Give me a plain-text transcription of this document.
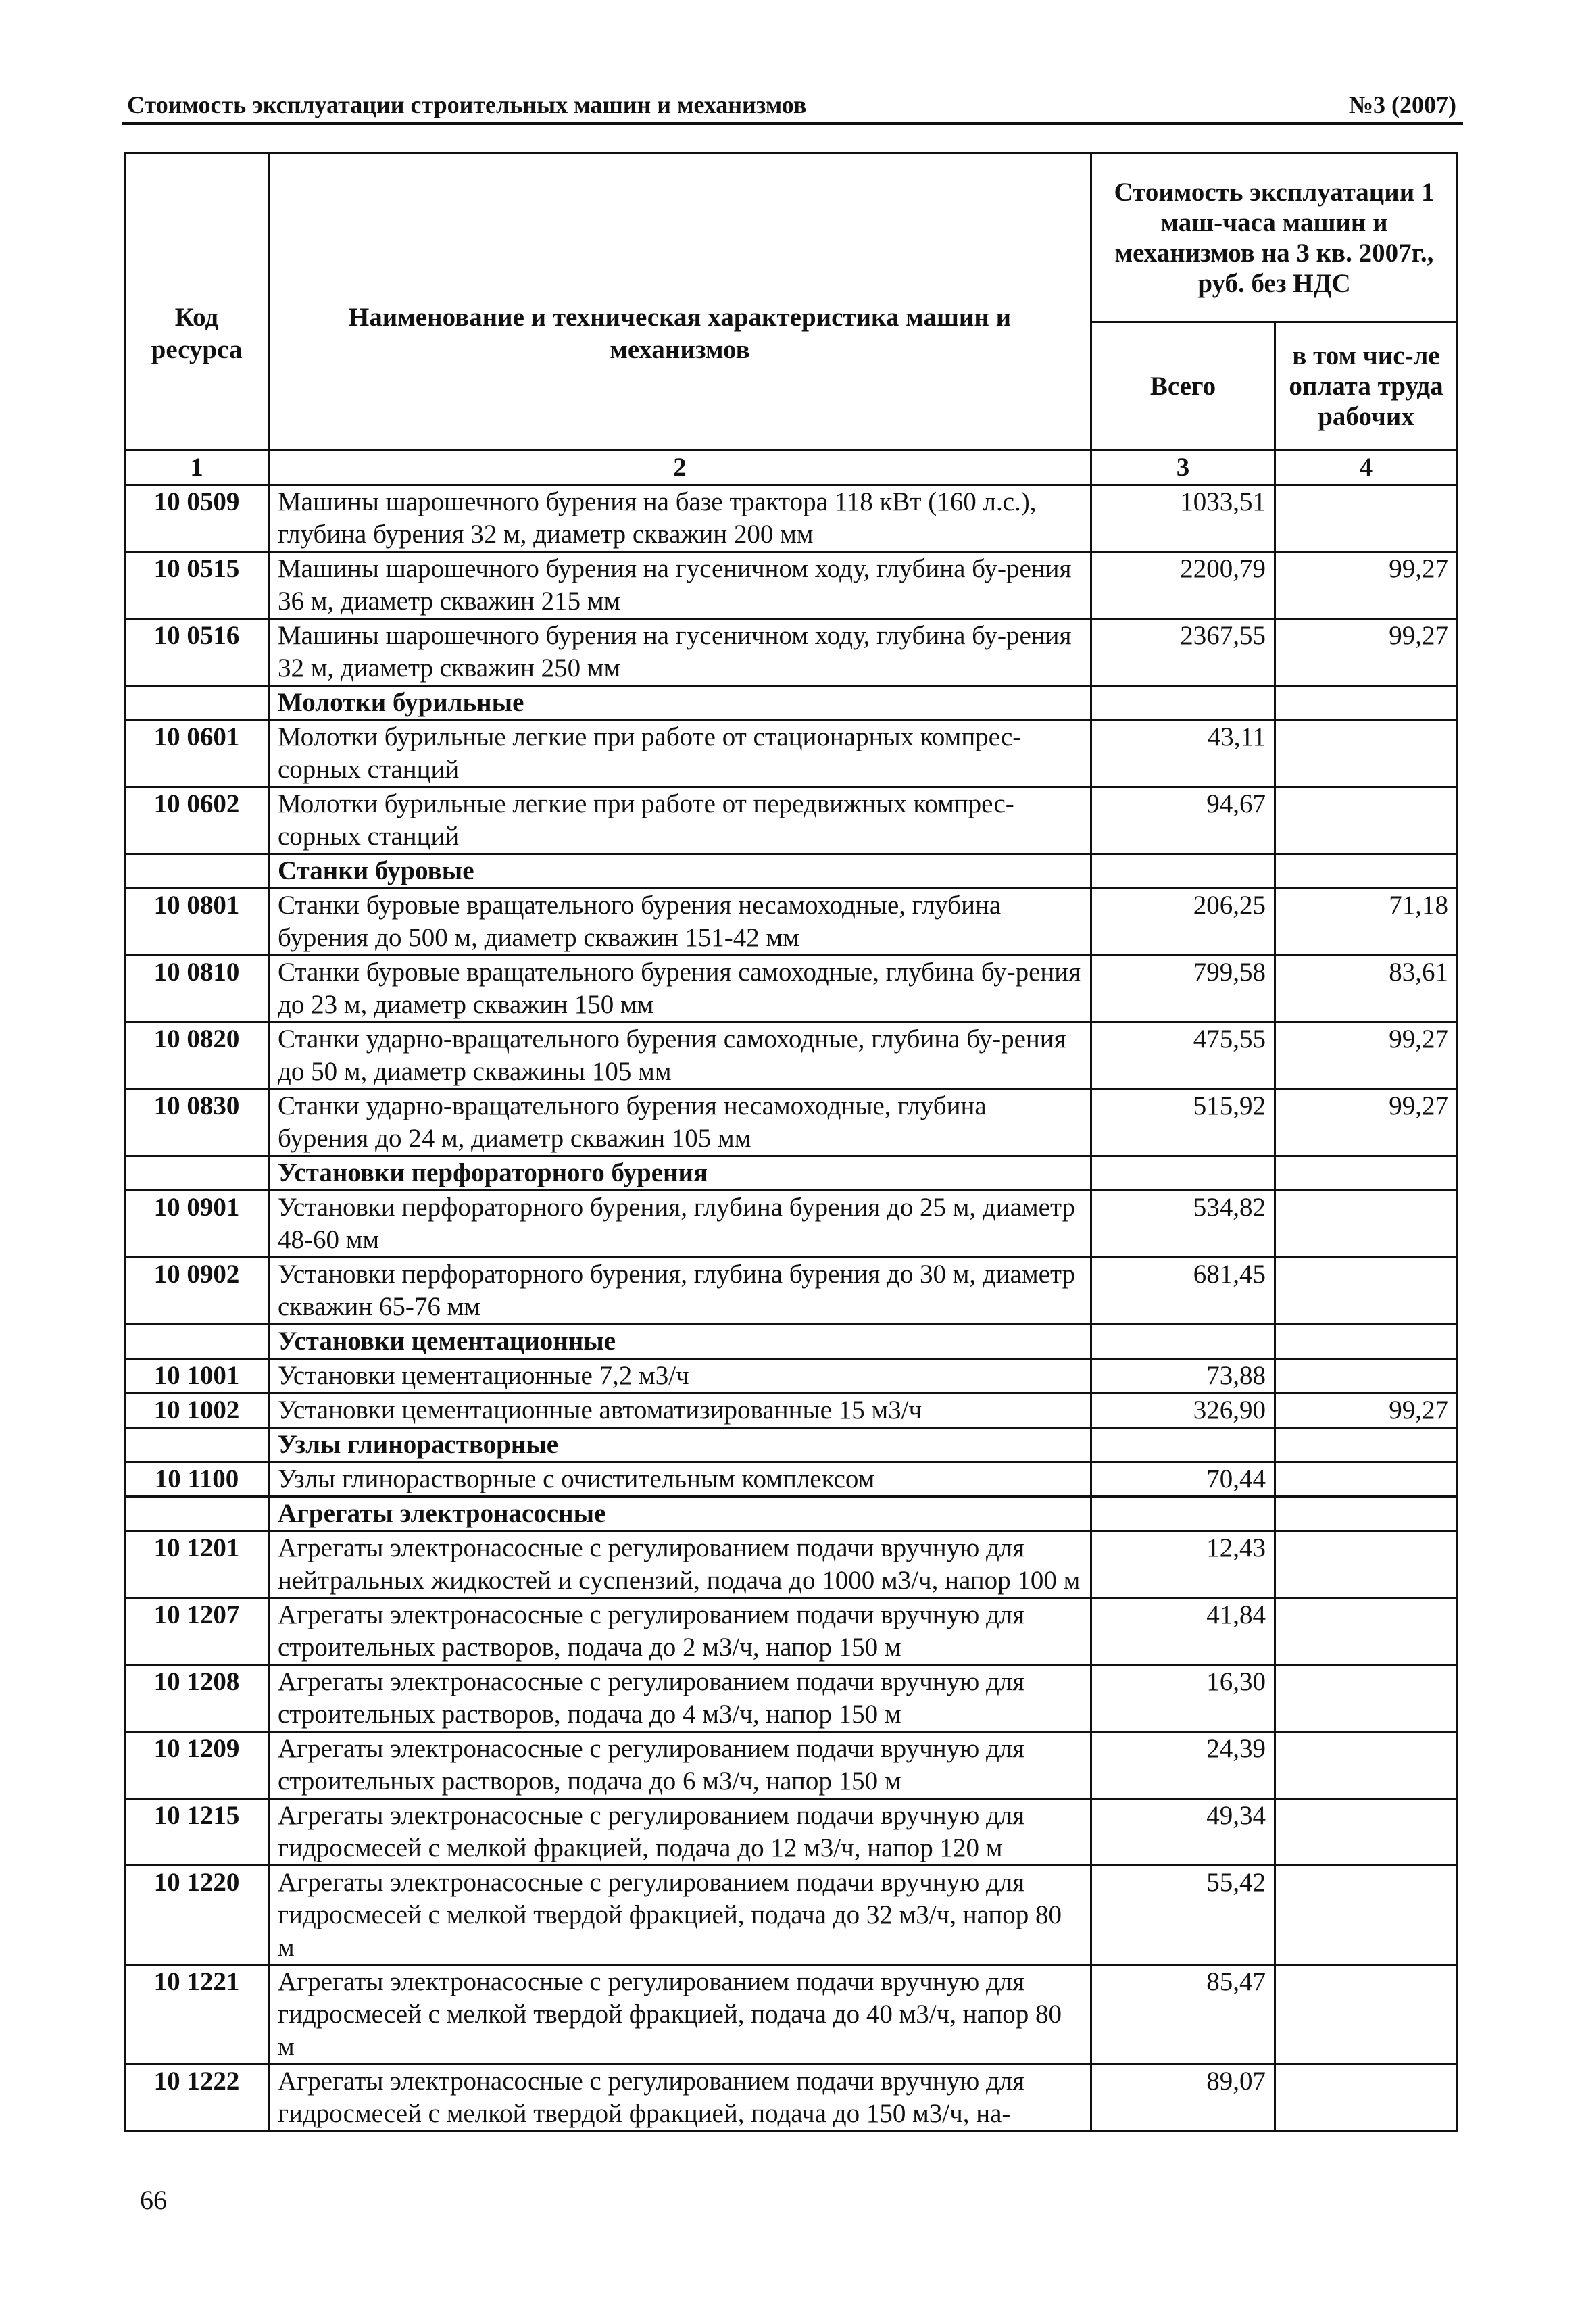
Стоимость эксплуатации строительных машин и механизмов	№3 (2007)
Код ресурса	Наименование и техническая характеристика машин и механизмов	Стоимость эксплуатации 1 маш-часа машин и механизмов на 3 кв. 2007г., руб. без НДС	
		Всего	в том чис-ле оплата труда рабочих
1	2	3	4
10 0509	Машины шарошечного бурения на базе трактора 118 кВт (160 л.с.), глубина бурения 32 м, диаметр скважин 200 мм	1033,51	
10 0515	Машины шарошечного бурения на гусеничном ходу, глубина бу-рения 36 м, диаметр скважин 215 мм	2200,79	99,27
10 0516	Машины шарошечного бурения на гусеничном ходу, глубина бу-рения 32 м, диаметр скважин 250 мм	2367,55	99,27
	Молотки бурильные		
10 0601	Молотки бурильные легкие при работе от стационарных компрес-сорных станций	43,11	
10 0602	Молотки бурильные легкие при работе от передвижных компрес-сорных станций	94,67	
	Станки буровые		
10 0801	Станки буровые вращательного бурения несамоходные, глубина бурения до 500 м, диаметр скважин 151-42 мм	206,25	71,18
10 0810	Станки буровые вращательного бурения самоходные, глубина бу-рения до 23 м, диаметр скважин 150 мм	799,58	83,61
10 0820	Станки ударно-вращательного бурения самоходные, глубина бу-рения до 50 м, диаметр скважины 105 мм	475,55	99,27
10 0830	Станки ударно-вращательного бурения несамоходные, глубина бурения до 24 м, диаметр скважин 105 мм	515,92	99,27
	Установки перфораторного бурения		
10 0901	Установки перфораторного бурения, глубина бурения до 25 м, диаметр 48-60 мм	534,82	
10 0902	Установки перфораторного бурения, глубина бурения до 30 м, диаметр скважин 65-76 мм	681,45	
	Установки цементационные		
10 1001	Установки цементационные 7,2 м3/ч	73,88	
10 1002	Установки цементационные автоматизированные 15 м3/ч	326,90	99,27
	Узлы глинорастворные		
10 1100	Узлы глинорастворные с очистительным комплексом	70,44	
	Агрегаты электронасосные		
10 1201	Агрегаты электронасосные с регулированием подачи вручную для нейтральных жидкостей и суспензий, подача до 1000 м3/ч, напор 100 м	12,43	
10 1207	Агрегаты электронасосные с регулированием подачи вручную для строительных растворов, подача до 2 м3/ч, напор 150 м	41,84	
10 1208	Агрегаты электронасосные с регулированием подачи вручную для строительных растворов, подача до 4 м3/ч, напор 150 м	16,30	
10 1209	Агрегаты электронасосные с регулированием подачи вручную для строительных растворов, подача до 6 м3/ч, напор 150 м	24,39	
10 1215	Агрегаты электронасосные с регулированием подачи вручную для гидросмесей с мелкой фракцией, подача до 12 м3/ч, напор 120 м	49,34	
10 1220	Агрегаты электронасосные с регулированием подачи вручную для гидросмесей с мелкой твердой фракцией, подача до 32 м3/ч, напор 80 м	55,42	
10 1221	Агрегаты электронасосные с регулированием подачи вручную для гидросмесей с мелкой твердой фракцией, подача до 40 м3/ч, напор 80 м	85,47	
10 1222	Агрегаты электронасосные с регулированием подачи вручную для гидросмесей с мелкой твердой фракцией, подача до 150 м3/ч, на-	89,07	
66
